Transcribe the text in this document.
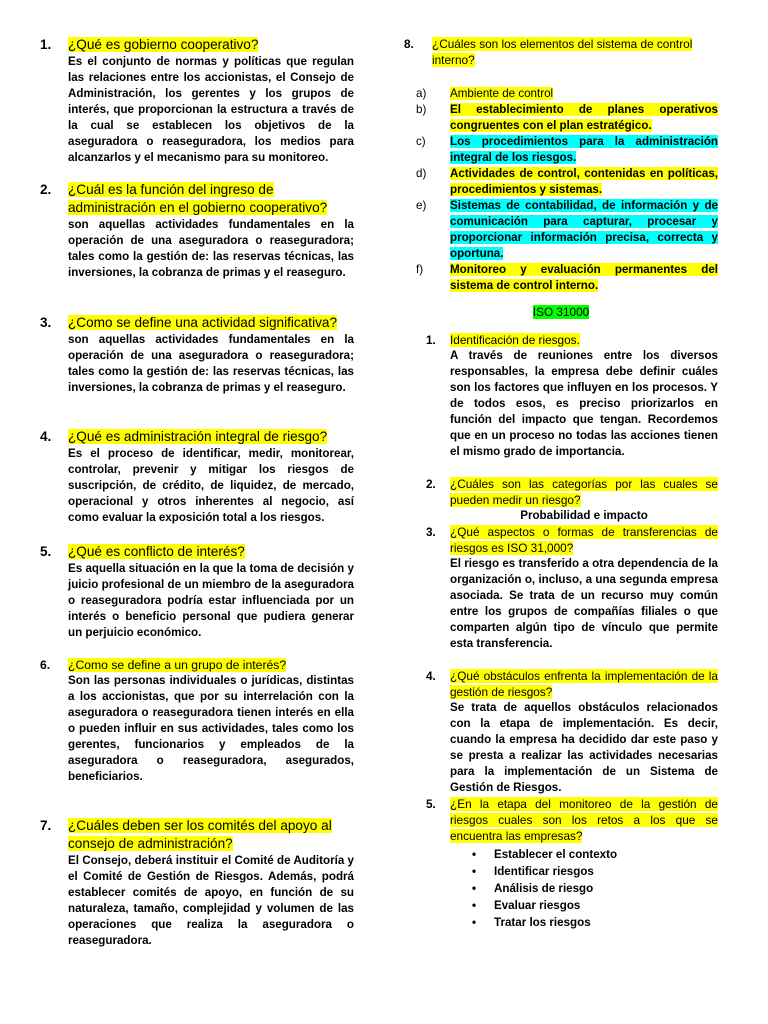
1.	¿Qué es gobierno cooperativo?
Es el conjunto de normas y políticas que regulan las relaciones entre los accionistas, el Consejo de Administración, los gerentes y los grupos de interés, que proporcionan la estructura a través de la cual se establecen los objetivos de la aseguradora o reaseguradora, los medios para alcanzarlos y el mecanismo para su monitoreo.
2.	¿Cuál es la función del ingreso de administración en el gobierno cooperativo?
son aquellas actividades fundamentales en la operación de una aseguradora o reaseguradora; tales como la gestión de: las reservas técnicas, las inversiones, la cobranza de primas y el reaseguro.
3.	¿Como se define una actividad significativa?
son aquellas actividades fundamentales en la operación de una aseguradora o reaseguradora; tales como la gestión de: las reservas técnicas, las inversiones, la cobranza de primas y el reaseguro.
4.	¿Qué es administración integral de riesgo?
Es el proceso de identificar, medir, monitorear, controlar, prevenir y mitigar los riesgos de suscripción, de crédito, de liquidez, de mercado, operacional y otros inherentes al negocio, así como evaluar la exposición total a los riesgos.
5.	¿Qué es conflicto de interés?
Es aquella situación en la que la toma de decisión y juicio profesional de un miembro de la aseguradora o reaseguradora podría estar influenciada por un interés o beneficio personal que pudiera generar un perjuicio económico.
6.	¿Como se define a un grupo de interés?
Son las personas individuales o jurídicas, distintas a los accionistas, que por su interrelación con la aseguradora o reaseguradora tienen interés en ella o pueden influir en sus actividades, tales como los gerentes, funcionarios y empleados de la aseguradora o reaseguradora, asegurados, beneficiarios.
7.	¿Cuáles deben ser los comités del apoyo al consejo de administración?
El Consejo, deberá instituir el Comité de Auditoría y el Comité de Gestión de Riesgos. Además, podrá establecer comités de apoyo, en función de su naturaleza, tamaño, complejidad y volumen de las operaciones que realiza la aseguradora o reaseguradora.
8.	¿Cuáles son los elementos del sistema de control interno?
a)	Ambiente de control
b)	El establecimiento de planes operativos congruentes con el plan estratégico.
c)	Los procedimientos para la administración integral de los riesgos.
d)	Actividades de control, contenidas en políticas, procedimientos y sistemas.
e)	Sistemas de contabilidad, de información y de comunicación para capturar, procesar y proporcionar información precisa, correcta y oportuna.
f)	Monitoreo y evaluación permanentes del sistema de control interno.
ISO 31000
1.	Identificación de riesgos.
A través de reuniones entre los diversos responsables, la empresa debe definir cuáles son los factores que influyen en los procesos. Y de todos esos, es preciso priorizarlos en función del impacto que tengan. Recordemos que en un proceso no todas las acciones tienen el mismo grado de importancia.
2.	¿Cuáles son las categorías por las cuales se pueden medir un riesgo?
Probabilidad e impacto
3.	¿Qué aspectos o formas de transferencias de riesgos es ISO 31,000?
El riesgo es transferido a otra dependencia de la organización o, incluso, a una segunda empresa asociada. Se trata de un recurso muy común entre los grupos de compañías filiales o que comparten algún tipo de vínculo que permite esta transferencia.
4.	¿Qué obstáculos enfrenta la implementación de la gestión de riesgos?
Se trata de aquellos obstáculos relacionados con la etapa de implementación. Es decir, cuando la empresa ha decidido dar este paso y se presta a realizar las actividades necesarias para la implementación de un Sistema de Gestión de Riesgos.
5.	¿En la etapa del monitoreo de la gestión de riesgos cuales son los retos a los que se encuentra las empresas?
• Establecer el contexto
• Identificar riesgos
• Análisis de riesgo
• Evaluar riesgos
• Tratar los riesgos
